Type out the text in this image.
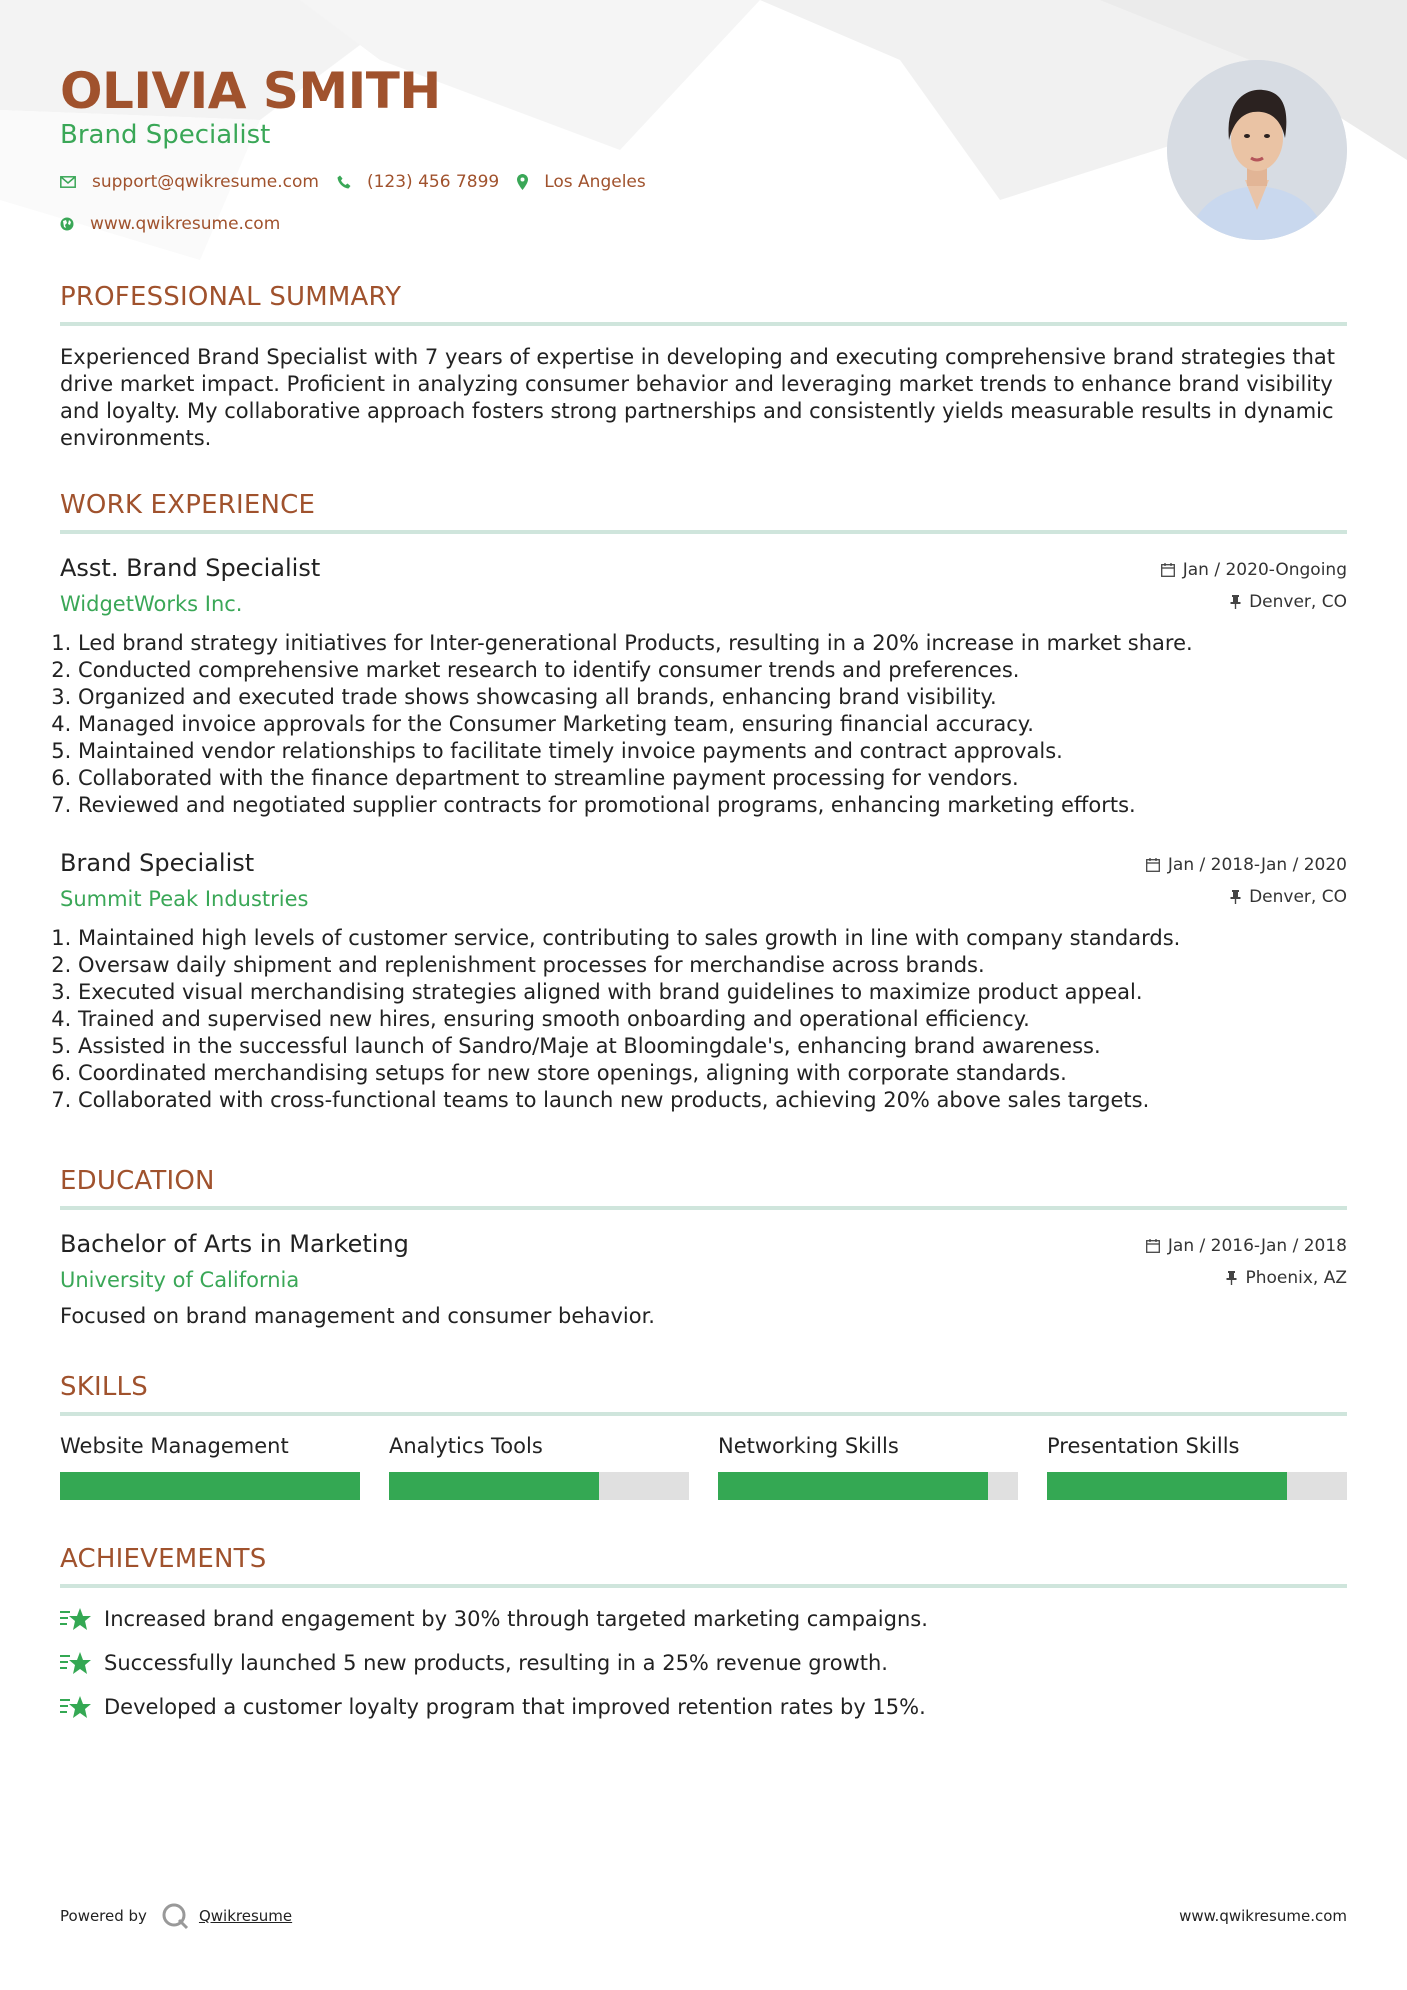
OLIVIA SMITH
Brand Specialist
support@qwikresume.com	(123) 456 7899	Los Angeles
www.qwikresume.com
PROFESSIONAL SUMMARY
Experienced Brand Specialist with 7 years of expertise in developing and executing comprehensive brand strategies that drive market impact. Proficient in analyzing consumer behavior and leveraging market trends to enhance brand visibility and loyalty. My collaborative approach fosters strong partnerships and consistently yields measurable results in dynamic environments.
WORK EXPERIENCE
Asst. Brand Specialist
WidgetWorks Inc.
Jan / 2020-Ongoing
Denver, CO
1. Led brand strategy initiatives for Inter-generational Products, resulting in a 20% increase in market share.
2. Conducted comprehensive market research to identify consumer trends and preferences.
3. Organized and executed trade shows showcasing all brands, enhancing brand visibility.
4. Managed invoice approvals for the Consumer Marketing team, ensuring financial accuracy.
5. Maintained vendor relationships to facilitate timely invoice payments and contract approvals.
6. Collaborated with the finance department to streamline payment processing for vendors.
7. Reviewed and negotiated supplier contracts for promotional programs, enhancing marketing efforts.
Brand Specialist
Summit Peak Industries
Jan / 2018-Jan / 2020
Denver, CO
1. Maintained high levels of customer service, contributing to sales growth in line with company standards.
2. Oversaw daily shipment and replenishment processes for merchandise across brands.
3. Executed visual merchandising strategies aligned with brand guidelines to maximize product appeal.
4. Trained and supervised new hires, ensuring smooth onboarding and operational efficiency.
5. Assisted in the successful launch of Sandro/Maje at Bloomingdale's, enhancing brand awareness.
6. Coordinated merchandising setups for new store openings, aligning with corporate standards.
7. Collaborated with cross-functional teams to launch new products, achieving 20% above sales targets.
EDUCATION
Bachelor of Arts in Marketing
University of California
Jan / 2016-Jan / 2018
Phoenix, AZ
Focused on brand management and consumer behavior.
SKILLS
Website Management	Analytics Tools	Networking Skills	Presentation Skills
ACHIEVEMENTS
Increased brand engagement by 30% through targeted marketing campaigns.
Successfully launched 5 new products, resulting in a 25% revenue growth.
Developed a customer loyalty program that improved retention rates by 15%.
Powered by	Qwikresume	www.qwikresume.com
